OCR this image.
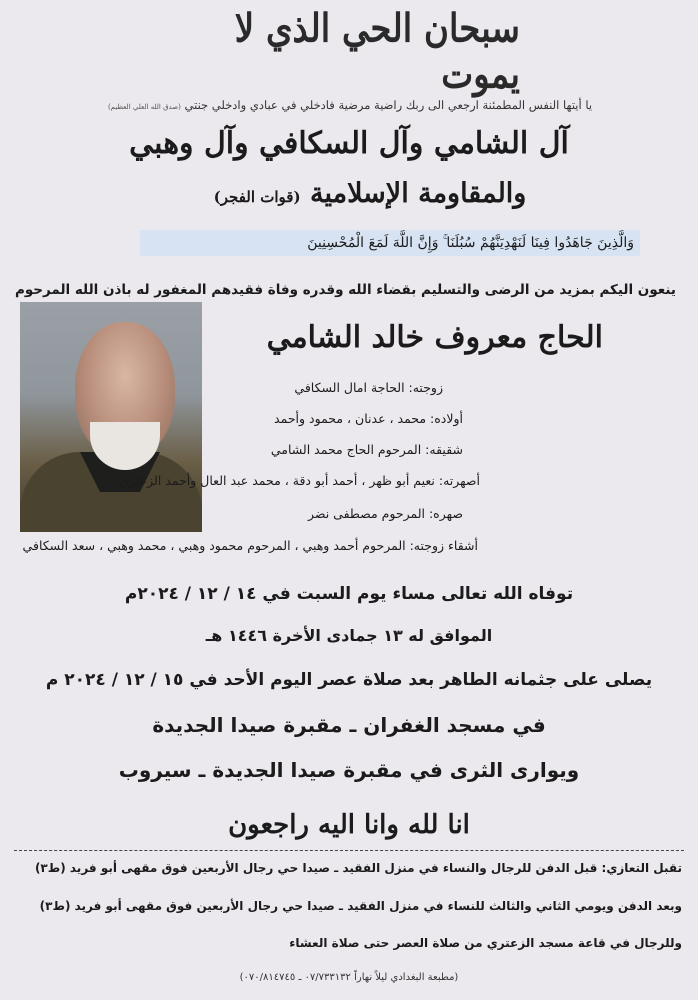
سبحان الحي الذي لا يموت
يا أيتها النفس المطمئنة ارجعي الى ربك راضية مرضية فادخلي في عبادي وادخلي جنتي (صدق الله العلي العظيم)
آل الشامي وآل السكافي وآل وهبي
والمقاومة الإسلامية (قوات الفجر)
وَالَّذِينَ جَاهَدُوا فِينَا لَنَهْدِيَنَّهُمْ سُبُلَنَا ۚ وَإِنَّ اللَّهَ لَمَعَ الْمُحْسِنِينَ
ينعون اليكم بمزيد من الرضى والتسليم بقضاء الله وقدره وفاة فقيدهم المغفور له باذن الله المرحوم
الحاج معروف خالد الشامي
زوجته: الحاجة امال السكافي
أولاده: محمد ، عدنان ، محمود وأحمد
شقيقه: المرحوم الحاج محمد الشامي
أصهرته: نعيم أبو ظهر ، أحمد أبو دقة ، محمد عبد العال وأحمد الزعتري
صهره: المرحوم مصطفى نضر
أشقاء زوجته: المرحوم أحمد وهبي ، المرحوم محمود وهبي ، محمد وهبي ، سعد السكافي
توفاه الله تعالى مساء يوم السبت في ١٤ / ١٢ / ٢٠٢٤م
الموافق له ١٣ جمادى الأخرة ١٤٤٦ هـ
يصلى على جثمانه الطاهر بعد صلاة عصر اليوم الأحد في ١٥ / ١٢ / ٢٠٢٤ م
في مسجد الغفران ـ مقبرة صيدا الجديدة
ويوارى الثرى في مقبرة صيدا الجديدة ـ سيروب
انا لله وانا اليه راجعون
تقبل التعازي: قبل الدفن للرجال والنساء في منزل الفقيد ـ صيدا حي رجال الأربعين فوق مقهى أبو فريد (ط٣)
وبعد الدفن ويومي الثاني والثالث للنساء في منزل الفقيد ـ صيدا حي رجال الأربعين فوق مقهى أبو فريد (ط٣)
وللرجال في قاعة مسجد الزعتري من صلاة العصر حتى صلاة العشاء
(مطبعة البغدادي ليلاً نهاراً ٠٧/٧٣٣١٣٢ ـ ٠٧٠/٨١٤٧٤٥)
